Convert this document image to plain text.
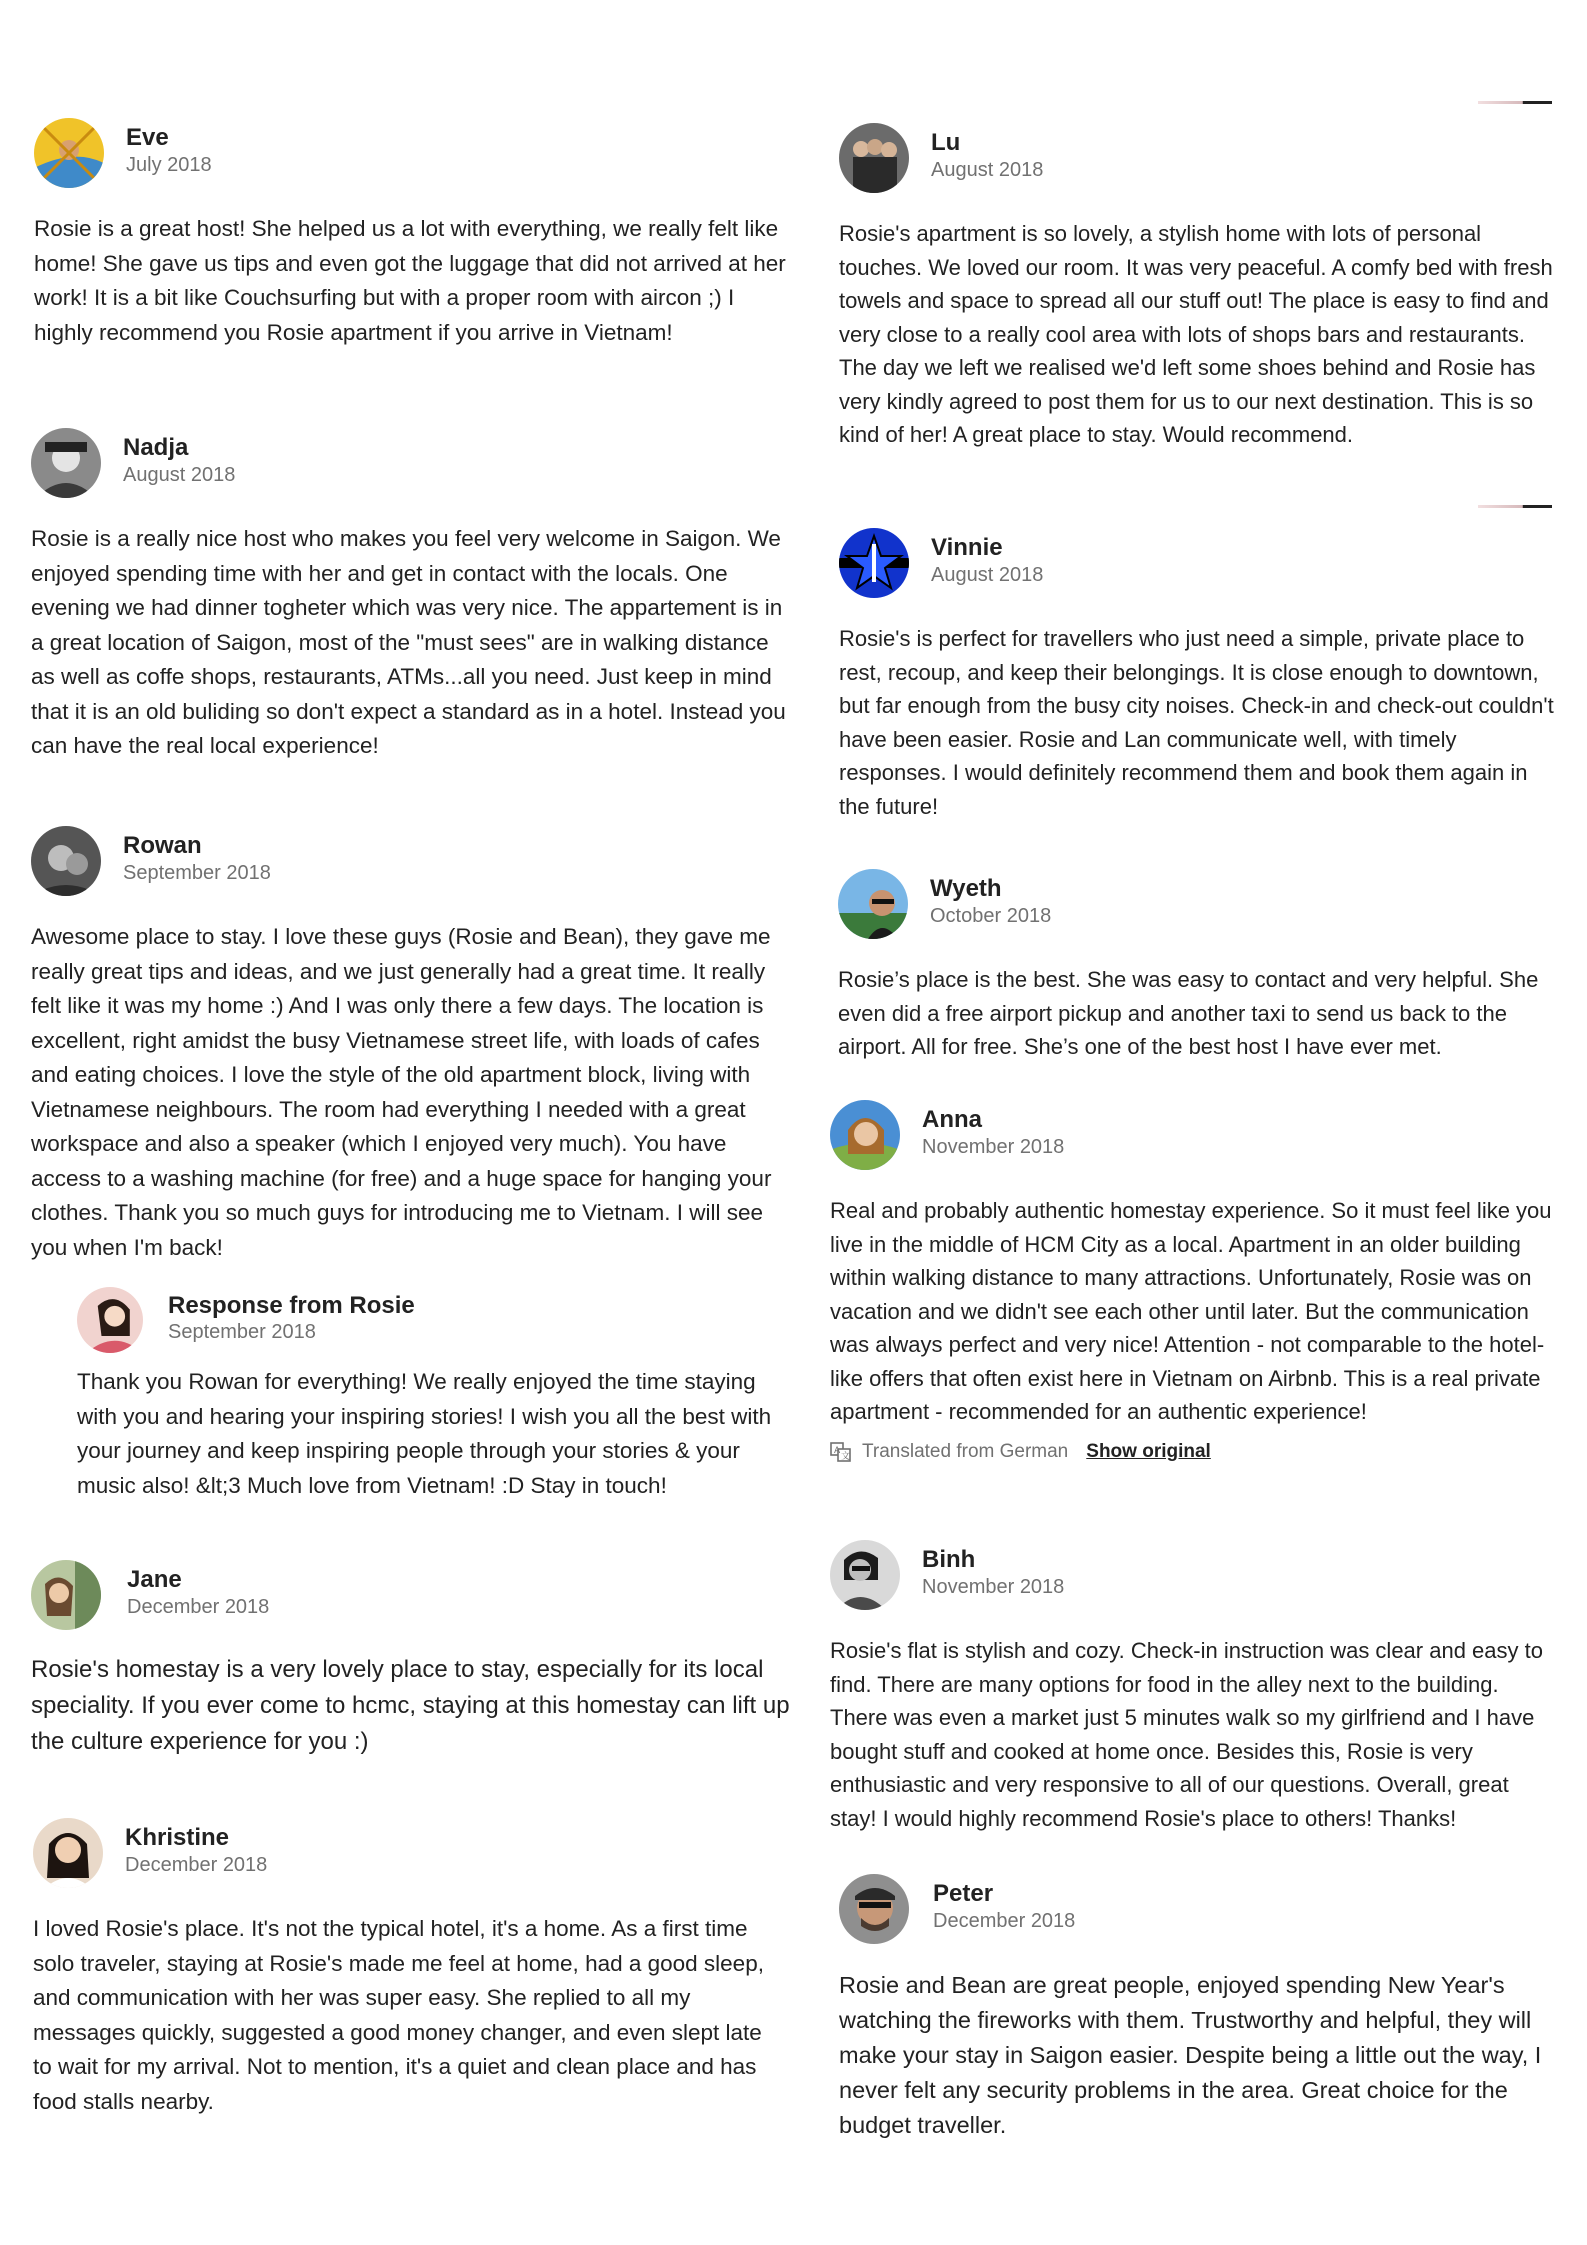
Eve
July 2018

Rosie is a great host! She helped us a lot with everything, we really felt like home! She gave us tips and even got the luggage that did not arrived at her work! It is a bit like Couchsurfing but with a proper room with aircon ;) I highly recommend you Rosie apartment if you arrive in Vietnam!

Nadja
August 2018

Rosie is a really nice host who makes you feel very welcome in Saigon. We enjoyed spending time with her and get in contact with the locals. One evening we had dinner togheter which was very nice. The appartement is in a great location of Saigon, most of the "must sees" are in walking distance as well as coffe shops, restaurants, ATMs...all you need. Just keep in mind that it is an old buliding so don't expect a standard as in a hotel. Instead you can have the real local experience!

Rowan
September 2018

Awesome place to stay. I love these guys (Rosie and Bean), they gave me really great tips and ideas, and we just generally had a great time. It really felt like it was my home :) And I was only there a few days. The location is excellent, right amidst the busy Vietnamese street life, with loads of cafes and eating choices. I love the style of the old apartment block, living with Vietnamese neighbours. The room had everything I needed with a great workspace and also a speaker (which I enjoyed very much). You have access to a washing machine (for free) and a huge space for hanging your clothes. Thank you so much guys for introducing me to Vietnam. I will see you when I'm back!

Response from Rosie
September 2018

Thank you Rowan for everything! We really enjoyed the time staying with you and hearing your inspiring stories! I wish you all the best with your journey and keep inspiring people through your stories & your music also! &lt;3 Much love from Vietnam! :D Stay in touch!

Jane
December 2018

Rosie's homestay is a very lovely place to stay, especially for its local speciality. If you ever come to hcmc, staying at this homestay can lift up the culture experience for you :)

Khristine
December 2018

I loved Rosie's place. It's not the typical hotel, it's a home. As a first time solo traveler, staying at Rosie's made me feel at home, had a good sleep, and communication with her was super easy. She replied to all my messages quickly, suggested a good money changer, and even slept late to wait for my arrival. Not to mention, it's a quiet and clean place and has food stalls nearby.

Lu
August 2018

Rosie's apartment is so lovely, a stylish home with lots of personal touches. We loved our room. It was very peaceful. A comfy bed with fresh towels and space to spread all our stuff out! The place is easy to find and very close to a really cool area with lots of shops bars and restaurants. The day we left we realised we'd left some shoes behind and Rosie has very kindly agreed to post them for us to our next destination. This is so kind of her! A great place to stay. Would recommend.

Vinnie
August 2018

Rosie's is perfect for travellers who just need a simple, private place to rest, recoup, and keep their belongings. It is close enough to downtown, but far enough from the busy city noises. Check-in and check-out couldn't have been easier. Rosie and Lan communicate well, with timely responses. I would definitely recommend them and book them again in the future!

Wyeth
October 2018

Rosie’s place is the best. She was easy to contact and very helpful. She even did a free airport pickup and another taxi to send us back to the airport. All for free. She’s one of the best host I have ever met.

Anna
November 2018

Real and probably authentic homestay experience. So it must feel like you live in the middle of HCM City as a local. Apartment in an older building within walking distance to many attractions. Unfortunately, Rosie was on vacation and we didn't see each other until later. But the communication was always perfect and very nice! Attention - not comparable to the hotel-like offers that often exist here in Vietnam on Airbnb. This is a real private apartment - recommended for an authentic experience!

A
文 Translated from German Show original
Binh
November 2018

Rosie's flat is stylish and cozy. Check-in instruction was clear and easy to find. There are many options for food in the alley next to the building. There was even a market just 5 minutes walk so my girlfriend and I have bought stuff and cooked at home once. Besides this, Rosie is very enthusiastic and very responsive to all of our questions. Overall, great stay! I would highly recommend Rosie's place to others! Thanks!

Peter
December 2018

Rosie and Bean are great people, enjoyed spending New Year's watching the fireworks with them. Trustworthy and helpful, they will make your stay in Saigon easier. Despite being a little out the way, I never felt any security problems in the area. Great choice for the budget traveller.
